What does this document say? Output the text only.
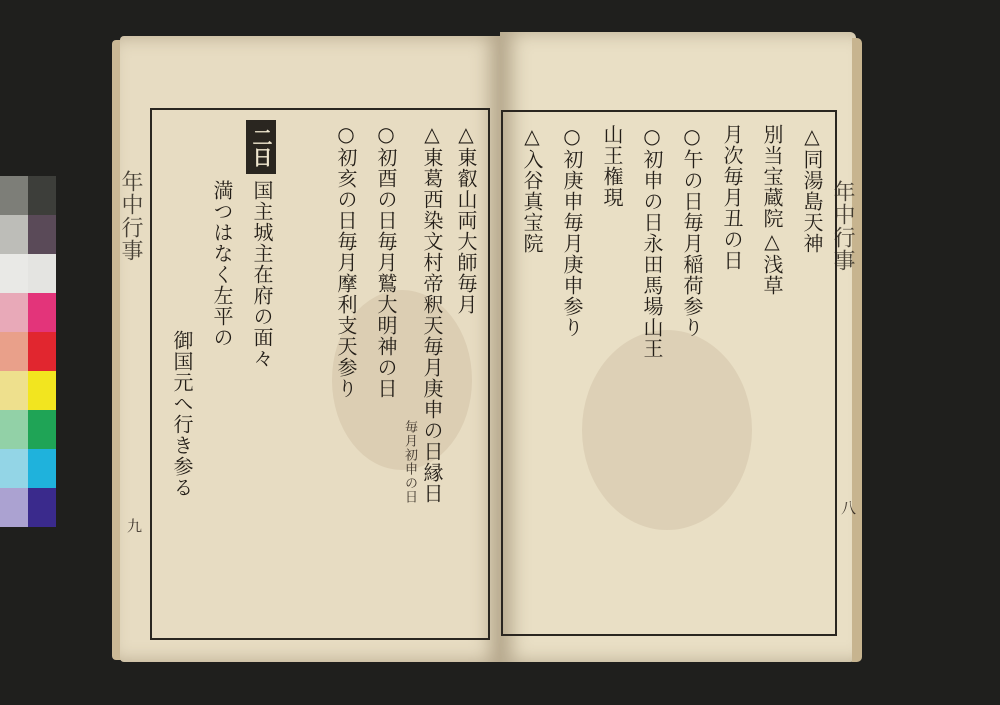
年中行事
九
△東叡山両大師毎月
△東葛西染文村帝釈天毎月庚申の日縁日
毎月初申の日
○初酉の日毎月鷲大明神の日
○初亥の日毎月摩利支天参り
二日
国主城主在府の面々
満つはなく左平の
御国元へ行き参る
年中行事
八
△同湯島天神
別当宝蔵院△浅草
月次毎月丑の日
○午の日毎月稲荷参り
○初申の日永田馬場山王
山王権現
○初庚申毎月庚申参り
△入谷真宝院
